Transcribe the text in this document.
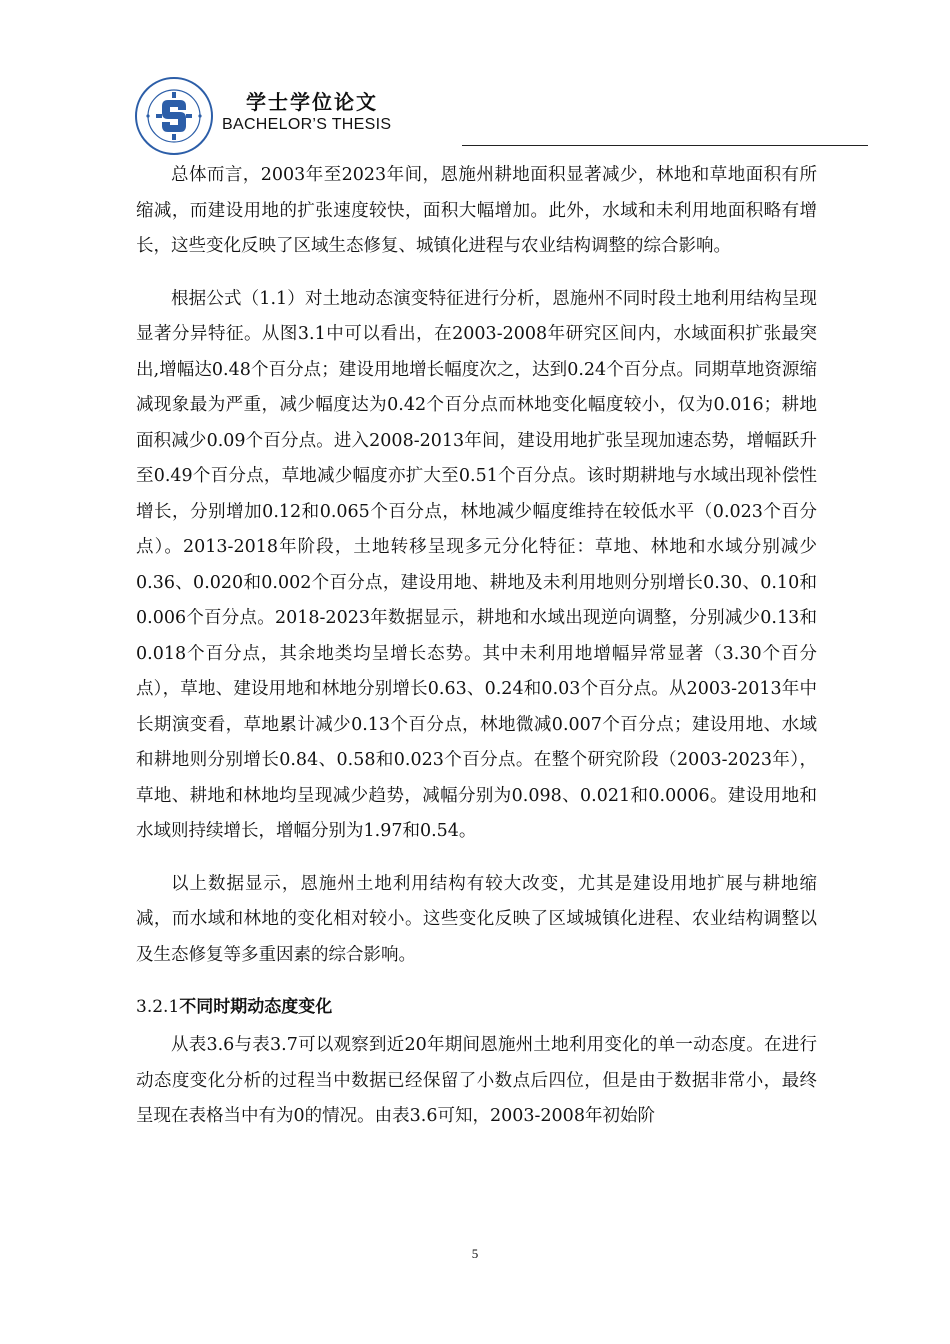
学士学位论文
BACHELOR’S THESIS

总体而言，2003年至2023年间，恩施州耕地面积显著减少，林地和草地面积有所缩减，而建设用地的扩张速度较快，面积大幅增加。此外，水域和未利用地面积略有增长，这些变化反映了区域生态修复、城镇化进程与农业结构调整的综合影响。

根据公式（1.1）对土地动态演变特征进行分析，恩施州不同时段土地利用结构呈现显著分异特征。从图3.1中可以看出，在2003-2008年研究区间内，水域面积扩张最突出,增幅达0.48个百分点；建设用地增长幅度次之，达到0.24个百分点。同期草地资源缩减现象最为严重，减少幅度达为0.42个百分点而林地变化幅度较小，仅为0.016；耕地面积减少0.09个百分点。进入2008-2013年间，建设用地扩张呈现加速态势，增幅跃升至0.49个百分点，草地减少幅度亦扩大至0.51个百分点。该时期耕地与水域出现补偿性增长，分别增加0.12和0.065个百分点，林地减少幅度维持在较低水平（0.023个百分点）。2013-2018年阶段，土地转移呈现多元分化特征：草地、林地和水域分别减少0.36、0.020和0.002个百分点，建设用地、耕地及未利用地则分别增长0.30、0.10和0.006个百分点。2018-2023年数据显示，耕地和水域出现逆向调整，分别减少0.13和0.018个百分点，其余地类均呈增长态势。其中未利用地增幅异常显著（3.30个百分点），草地、建设用地和林地分别增长0.63、0.24和0.03个百分点。从2003-2013年中长期演变看，草地累计减少0.13个百分点，林地微减0.007个百分点；建设用地、水域和耕地则分别增长0.84、0.58和0.023个百分点。在整个研究阶段（2003-2023年），草地、耕地和林地均呈现减少趋势，减幅分别为0.098、0.021和0.0006。建设用地和水域则持续增长，增幅分别为1.97和0.54。

以上数据显示，恩施州土地利用结构有较大改变，尤其是建设用地扩展与耕地缩减，而水域和林地的变化相对较小。这些变化反映了区域城镇化进程、农业结构调整以及生态修复等多重因素的综合影响。

3.2.1不同时期动态度变化

从表3.6与表3.7可以观察到近20年期间恩施州土地利用变化的单一动态度。在进行动态度变化分析的过程当中数据已经保留了小数点后四位，但是由于数据非常小，最终呈现在表格当中有为0的情况。由表3.6可知，2003-2008年初始阶

5
